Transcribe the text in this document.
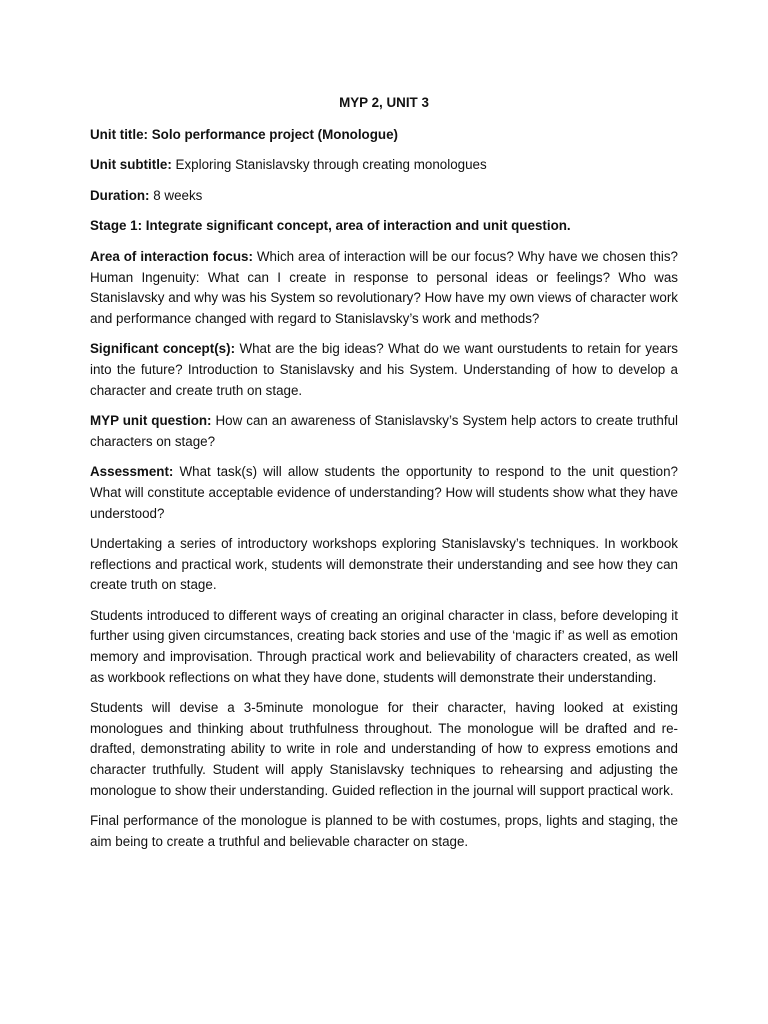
MYP 2, UNIT 3
Unit title: Solo performance project (Monologue)
Unit subtitle: Exploring Stanislavsky through creating monologues
Duration: 8 weeks
Stage 1: Integrate significant concept, area of interaction and unit question.
Area of interaction focus: Which area of interaction will be our focus? Why have we chosen this? Human Ingenuity: What can I create in response to personal ideas or feelings? Who was Stanislavsky and why was his System so revolutionary? How have my own views of character work and performance changed with regard to Stanislavsky’s work and methods?
Significant concept(s): What are the big ideas? What do we want ourstudents to retain for years into the future? Introduction to Stanislavsky and his System. Understanding of how to develop a character and create truth on stage.
MYP unit question: How can an awareness of Stanislavsky’s System help actors to create truthful characters on stage?
Assessment: What task(s) will allow students the opportunity to respond to the unit question? What will constitute acceptable evidence of understanding? How will students show what they have understood?
Undertaking a series of introductory workshops exploring Stanislavsky’s techniques. In workbook reflections and practical work, students will demonstrate their understanding and see how they can create truth on stage.
Students introduced to different ways of creating an original character in class, before developing it further using given circumstances, creating back stories and use of the ‘magic if’ as well as emotion memory and improvisation. Through practical work and believability of characters created, as well as workbook reflections on what they have done, students will demonstrate their understanding.
Students will devise a 3-5minute monologue for their character, having looked at existing monologues and thinking about truthfulness throughout. The monologue will be drafted and re-drafted, demonstrating ability to write in role and understanding of how to express emotions and character truthfully. Student will apply Stanislavsky techniques to rehearsing and adjusting the monologue to show their understanding. Guided reflection in the journal will support practical work.
Final performance of the monologue is planned to be with costumes, props, lights and staging, the aim being to create a truthful and believable character on stage.
